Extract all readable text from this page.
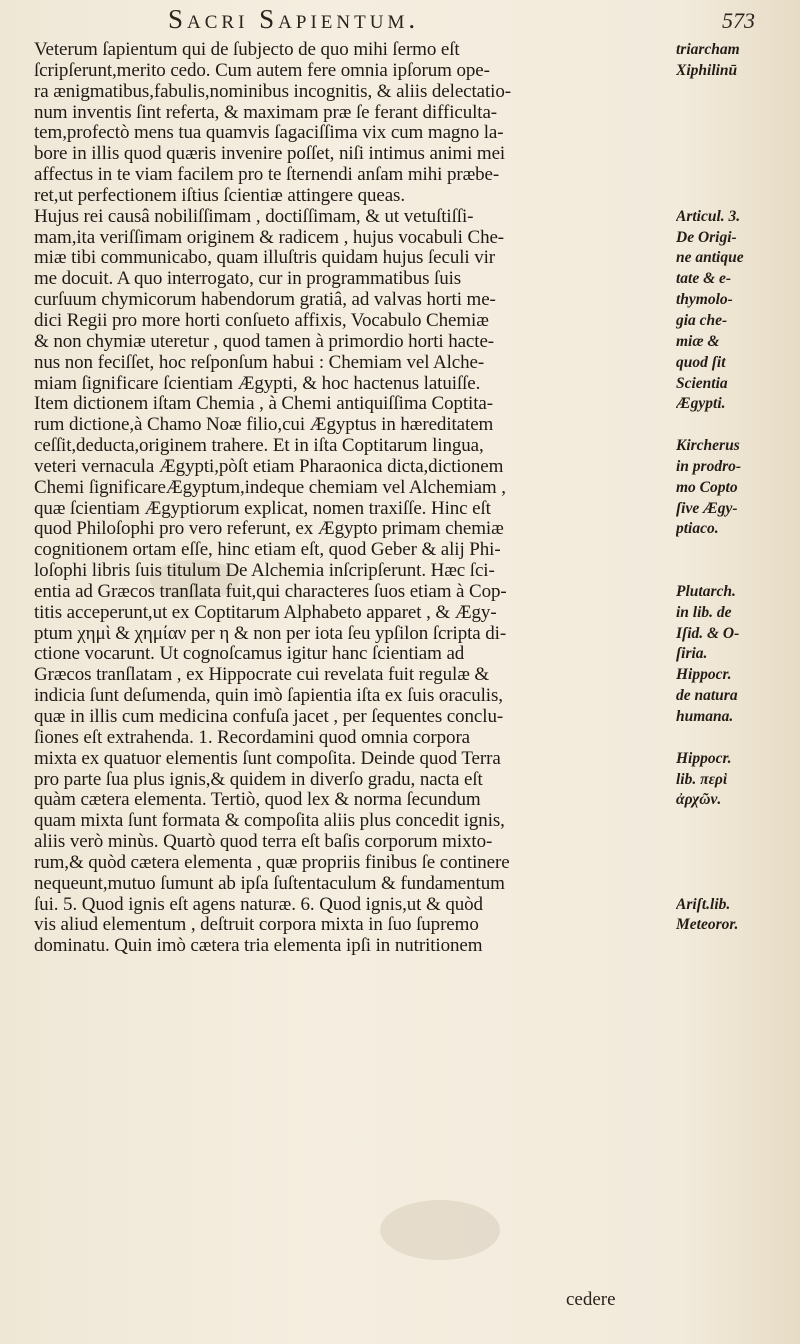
Sacri Sapientum.	573
Veterum ſapientum qui de ſubjecto de quo mihi ſermo eſt
ſcripſerunt,merito cedo. Cum autem fere omnia ipſorum ope-
ra ænigmatibus,fabulis,nominibus incognitis, & aliis delectatio-
num inventis ſint referta, & maximam præ ſe ferant difficulta-
tem,profectò mens tua quamvis ſagaciſſima vix cum magno la-
bore in illis quod quæris invenire poſſet, niſi intimus animi mei
affectus in te viam facilem pro te ſternendi anſam mihi præbe-
ret,ut perfectionem iſtius ſcientiæ attingere queas.
Hujus rei causâ nobiliſſimam , doctiſſimam, & ut vetuſtiſſi-
mam,ita veriſſimam originem & radicem , hujus vocabuli Che-
miæ tibi communicabo, quam illuſtris quidam hujus ſeculi vir
me docuit. A quo interrogato, cur in programmatibus ſuis
curſuum chymicorum habendorum gratiâ, ad valvas horti me-
dici Regii pro more horti conſueto affixis, Vocabulo Chemiæ
& non chymiæ uteretur , quod tamen à primordio horti hacte-
nus non feciſſet, hoc reſponſum habui : Chemiam vel Alche-
miam ſignificare ſcientiam Ægypti, & hoc hactenus latuiſſe.
Item dictionem iſtam Chemia , à Chemi antiquiſſima Coptita-
rum dictione,à Chamo Noæ filio,cui Ægyptus in hæreditatem
ceſſit,deducta,originem trahere. Et in iſta Coptitarum lingua,
veteri vernacula Ægypti,pòſt etiam Pharaonica dicta,dictionem
Chemi ſignificareÆgyptum,indeque chemiam vel Alchemiam ,
quæ ſcientiam Ægyptiorum explicat, nomen traxiſſe. Hinc eſt
quod Philoſophi pro vero referunt, ex Ægypto primam chemiæ
cognitionem ortam eſſe, hinc etiam eſt, quod Geber & alij Phi-
loſophi libris ſuis titulum De Alchemia inſcripſerunt. Hæc ſci-
entia ad Græcos tranſlata fuit,qui characteres ſuos etiam à Cop-
titis acceperunt,ut ex Coptitarum Alphabeto apparet , & Ægy-
ptum χημὶ & χημίαν per η & non per iota ſeu ypſilon ſcripta di-
ctione vocarunt. Ut cognoſcamus igitur hanc ſcientiam ad
Græcos tranſlatam , ex Hippocrate cui revelata fuit regulæ &
indicia ſunt deſumenda, quin imò ſapientia iſta ex ſuis oraculis,
quæ in illis cum medicina confuſa jacet , per ſequentes conclu-
ſiones eſt extrahenda. 1. Recordamini quod omnia corpora
mixta ex quatuor elementis ſunt compoſita. Deinde quod Terra
pro parte ſua plus ignis,& quidem in diverſo gradu, nacta eſt
quàm cætera elementa. Tertiò, quod lex & norma ſecundum
quam mixta ſunt formata & compoſita aliis plus concedit ignis,
aliis verò minùs. Quartò quod terra eſt baſis corporum mixto-
rum,& quòd cætera elementa , quæ propriis finibus ſe continere
nequeunt,mutuo ſumunt ab ipſa ſuſtentaculum & fundamentum
ſui. 5. Quod ignis eſt agens naturæ. 6. Quod ignis,ut & quòd
vis aliud elementum , deſtruit corpora mixta in ſuo ſupremo
dominatu. Quin imò cætera tria elementa ipſi in nutritionem
triarcham
Xiphilinū
Articul. 3.
De Origi-
ne antique
tate & e-
thymolo-
gia che-
miæ &
quod ſit
Scientia
Ægypti.
Kircherus
in prodro-
mo Copto
ſive Ægy-
ptiaco.
Plutarch.
in lib. de
Iſid. & O-
ſiria.
Hippocr.
de natura
humana.
Hippocr.
lib. περὶ
ἀρχῶν.
Ariſt.lib.
Meteoror.
cedere
